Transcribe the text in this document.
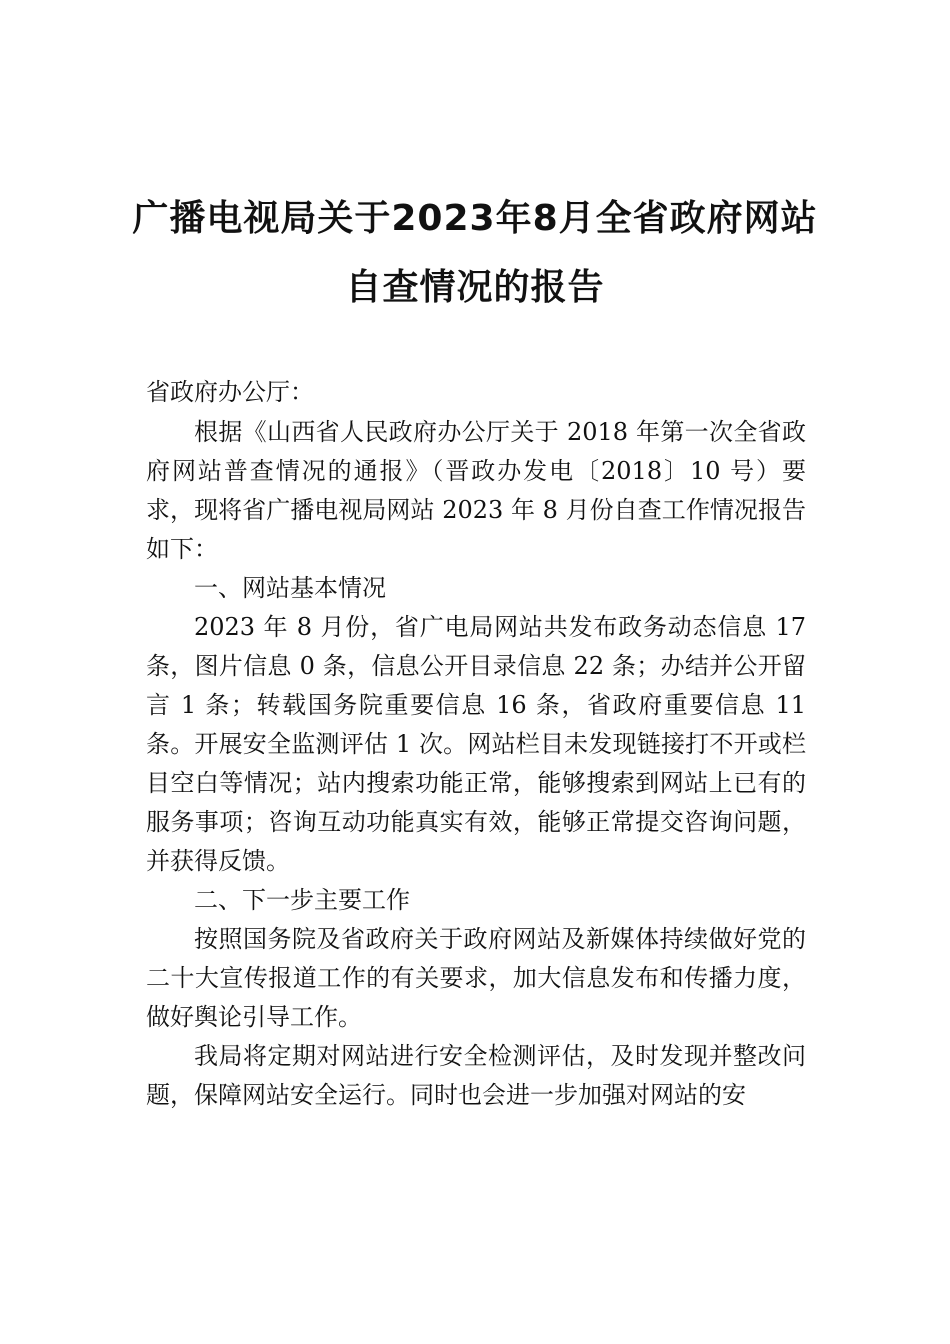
广播电视局关于2023年8月全省政府网站
自查情况的报告
省政府办公厅：

根据《山西省人民政府办公厅关于 2018 年第一次全省政府网站普查情况的通报》（晋政办发电〔2018〕10 号）要求，现将省广播电视局网站 2023 年 8 月份自查工作情况报告如下：

一、网站基本情况

2023 年 8 月份，省广电局网站共发布政务动态信息 17 条，图片信息 0 条，信息公开目录信息 22 条；办结并公开留言 1 条；转载国务院重要信息 16 条，省政府重要信息 11 条。开展安全监测评估 1 次。网站栏目未发现链接打不开或栏目空白等情况；站内搜索功能正常，能够搜索到网站上已有的服务事项；咨询互动功能真实有效，能够正常提交咨询问题，并获得反馈。

二、下一步主要工作

按照国务院及省政府关于政府网站及新媒体持续做好党的二十大宣传报道工作的有关要求，加大信息发布和传播力度，做好舆论引导工作。

我局将定期对网站进行安全检测评估，及时发现并整改问题，保障网站安全运行。同时也会进一步加强对网站的安
